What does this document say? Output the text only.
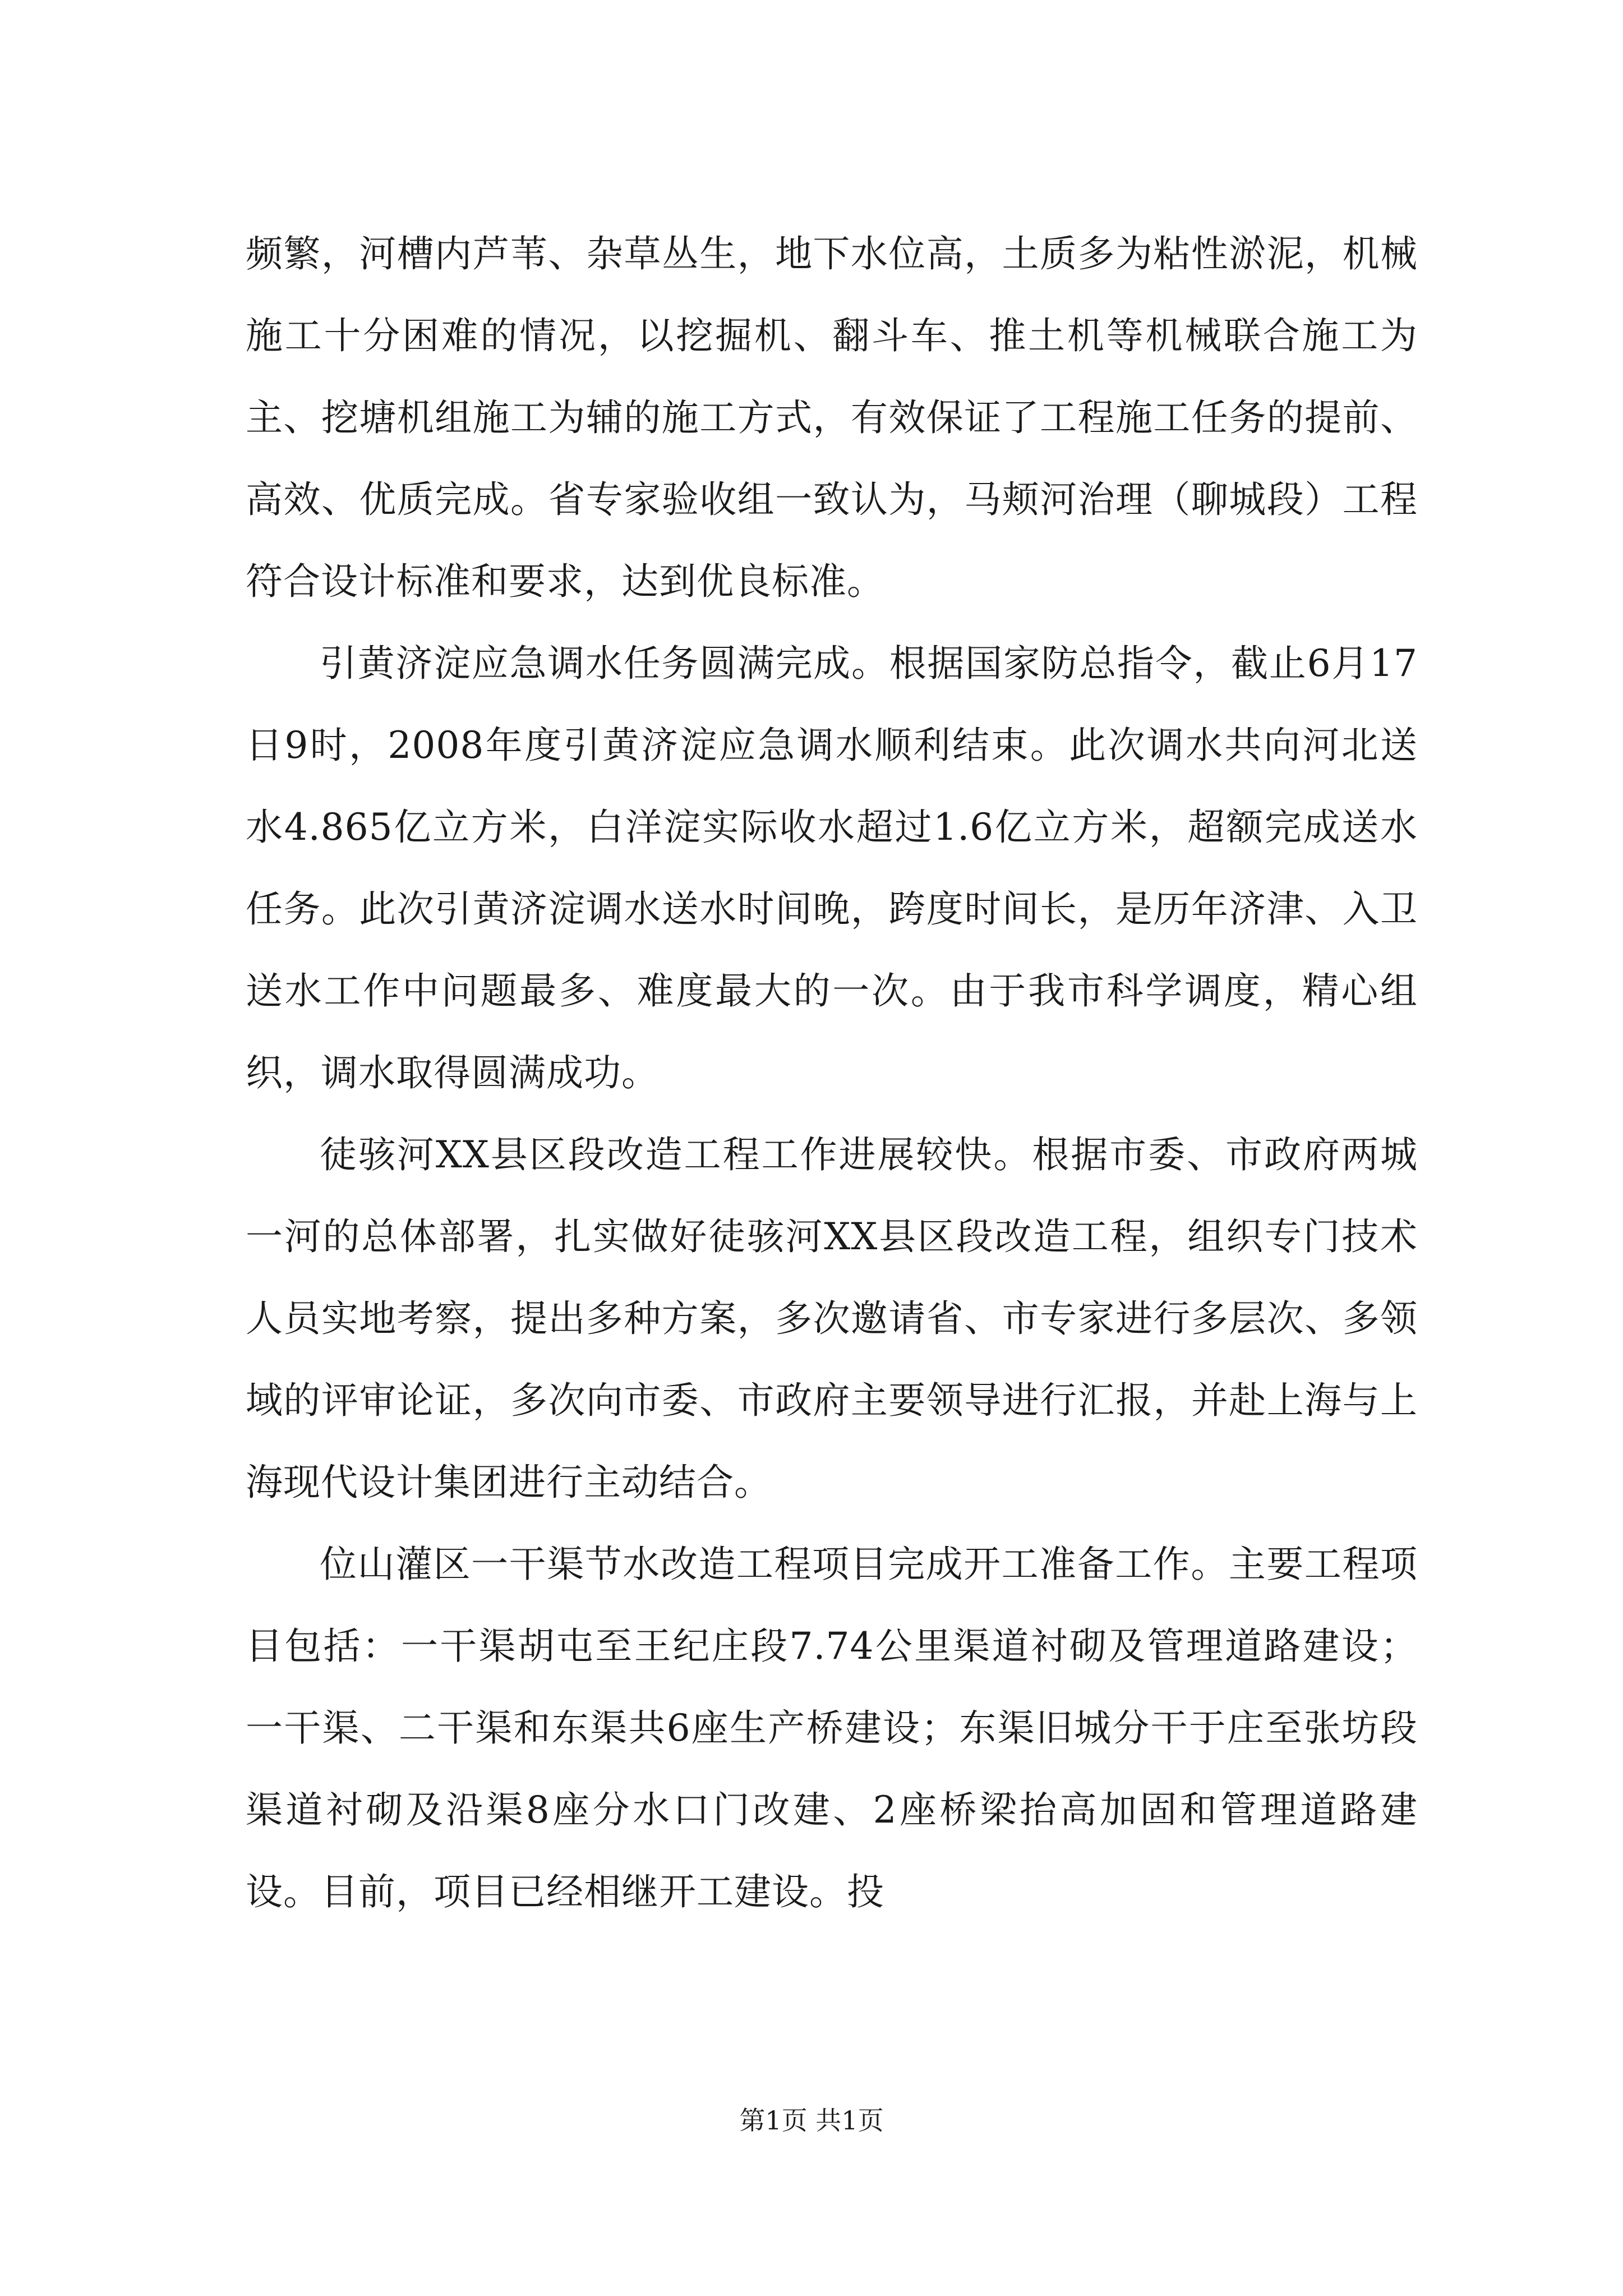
频繁，河槽内芦苇、杂草丛生，地下水位高，土质多为粘性淤泥，机械施工十分困难的情况，以挖掘机、翻斗车、推土机等机械联合施工为主、挖塘机组施工为辅的施工方式，有效保证了工程施工任务的提前、高效、优质完成。省专家验收组一致认为，马颊河治理（聊城段）工程符合设计标准和要求，达到优良标准。

引黄济淀应急调水任务圆满完成。根据国家防总指令，截止6月17日9时，2008年度引黄济淀应急调水顺利结束。此次调水共向河北送水4.865亿立方米，白洋淀实际收水超过1.6亿立方米，超额完成送水任务。此次引黄济淀调水送水时间晚，跨度时间长，是历年济津、入卫送水工作中问题最多、难度最大的一次。由于我市科学调度，精心组织，调水取得圆满成功。

徒骇河XX县区段改造工程工作进展较快。根据市委、市政府两城一河的总体部署，扎实做好徒骇河XX县区段改造工程，组织专门技术人员实地考察，提出多种方案，多次邀请省、市专家进行多层次、多领域的评审论证，多次向市委、市政府主要领导进行汇报，并赴上海与上海现代设计集团进行主动结合。

位山灌区一干渠节水改造工程项目完成开工准备工作。主要工程项目包括：一干渠胡屯至王纪庄段7.74公里渠道衬砌及管理道路建设；一干渠、二干渠和东渠共6座生产桥建设；东渠旧城分干于庄至张坊段渠道衬砌及沿渠8座分水口门改建、2座桥梁抬高加固和管理道路建设。目前，项目已经相继开工建设。投

第1页 共1页
